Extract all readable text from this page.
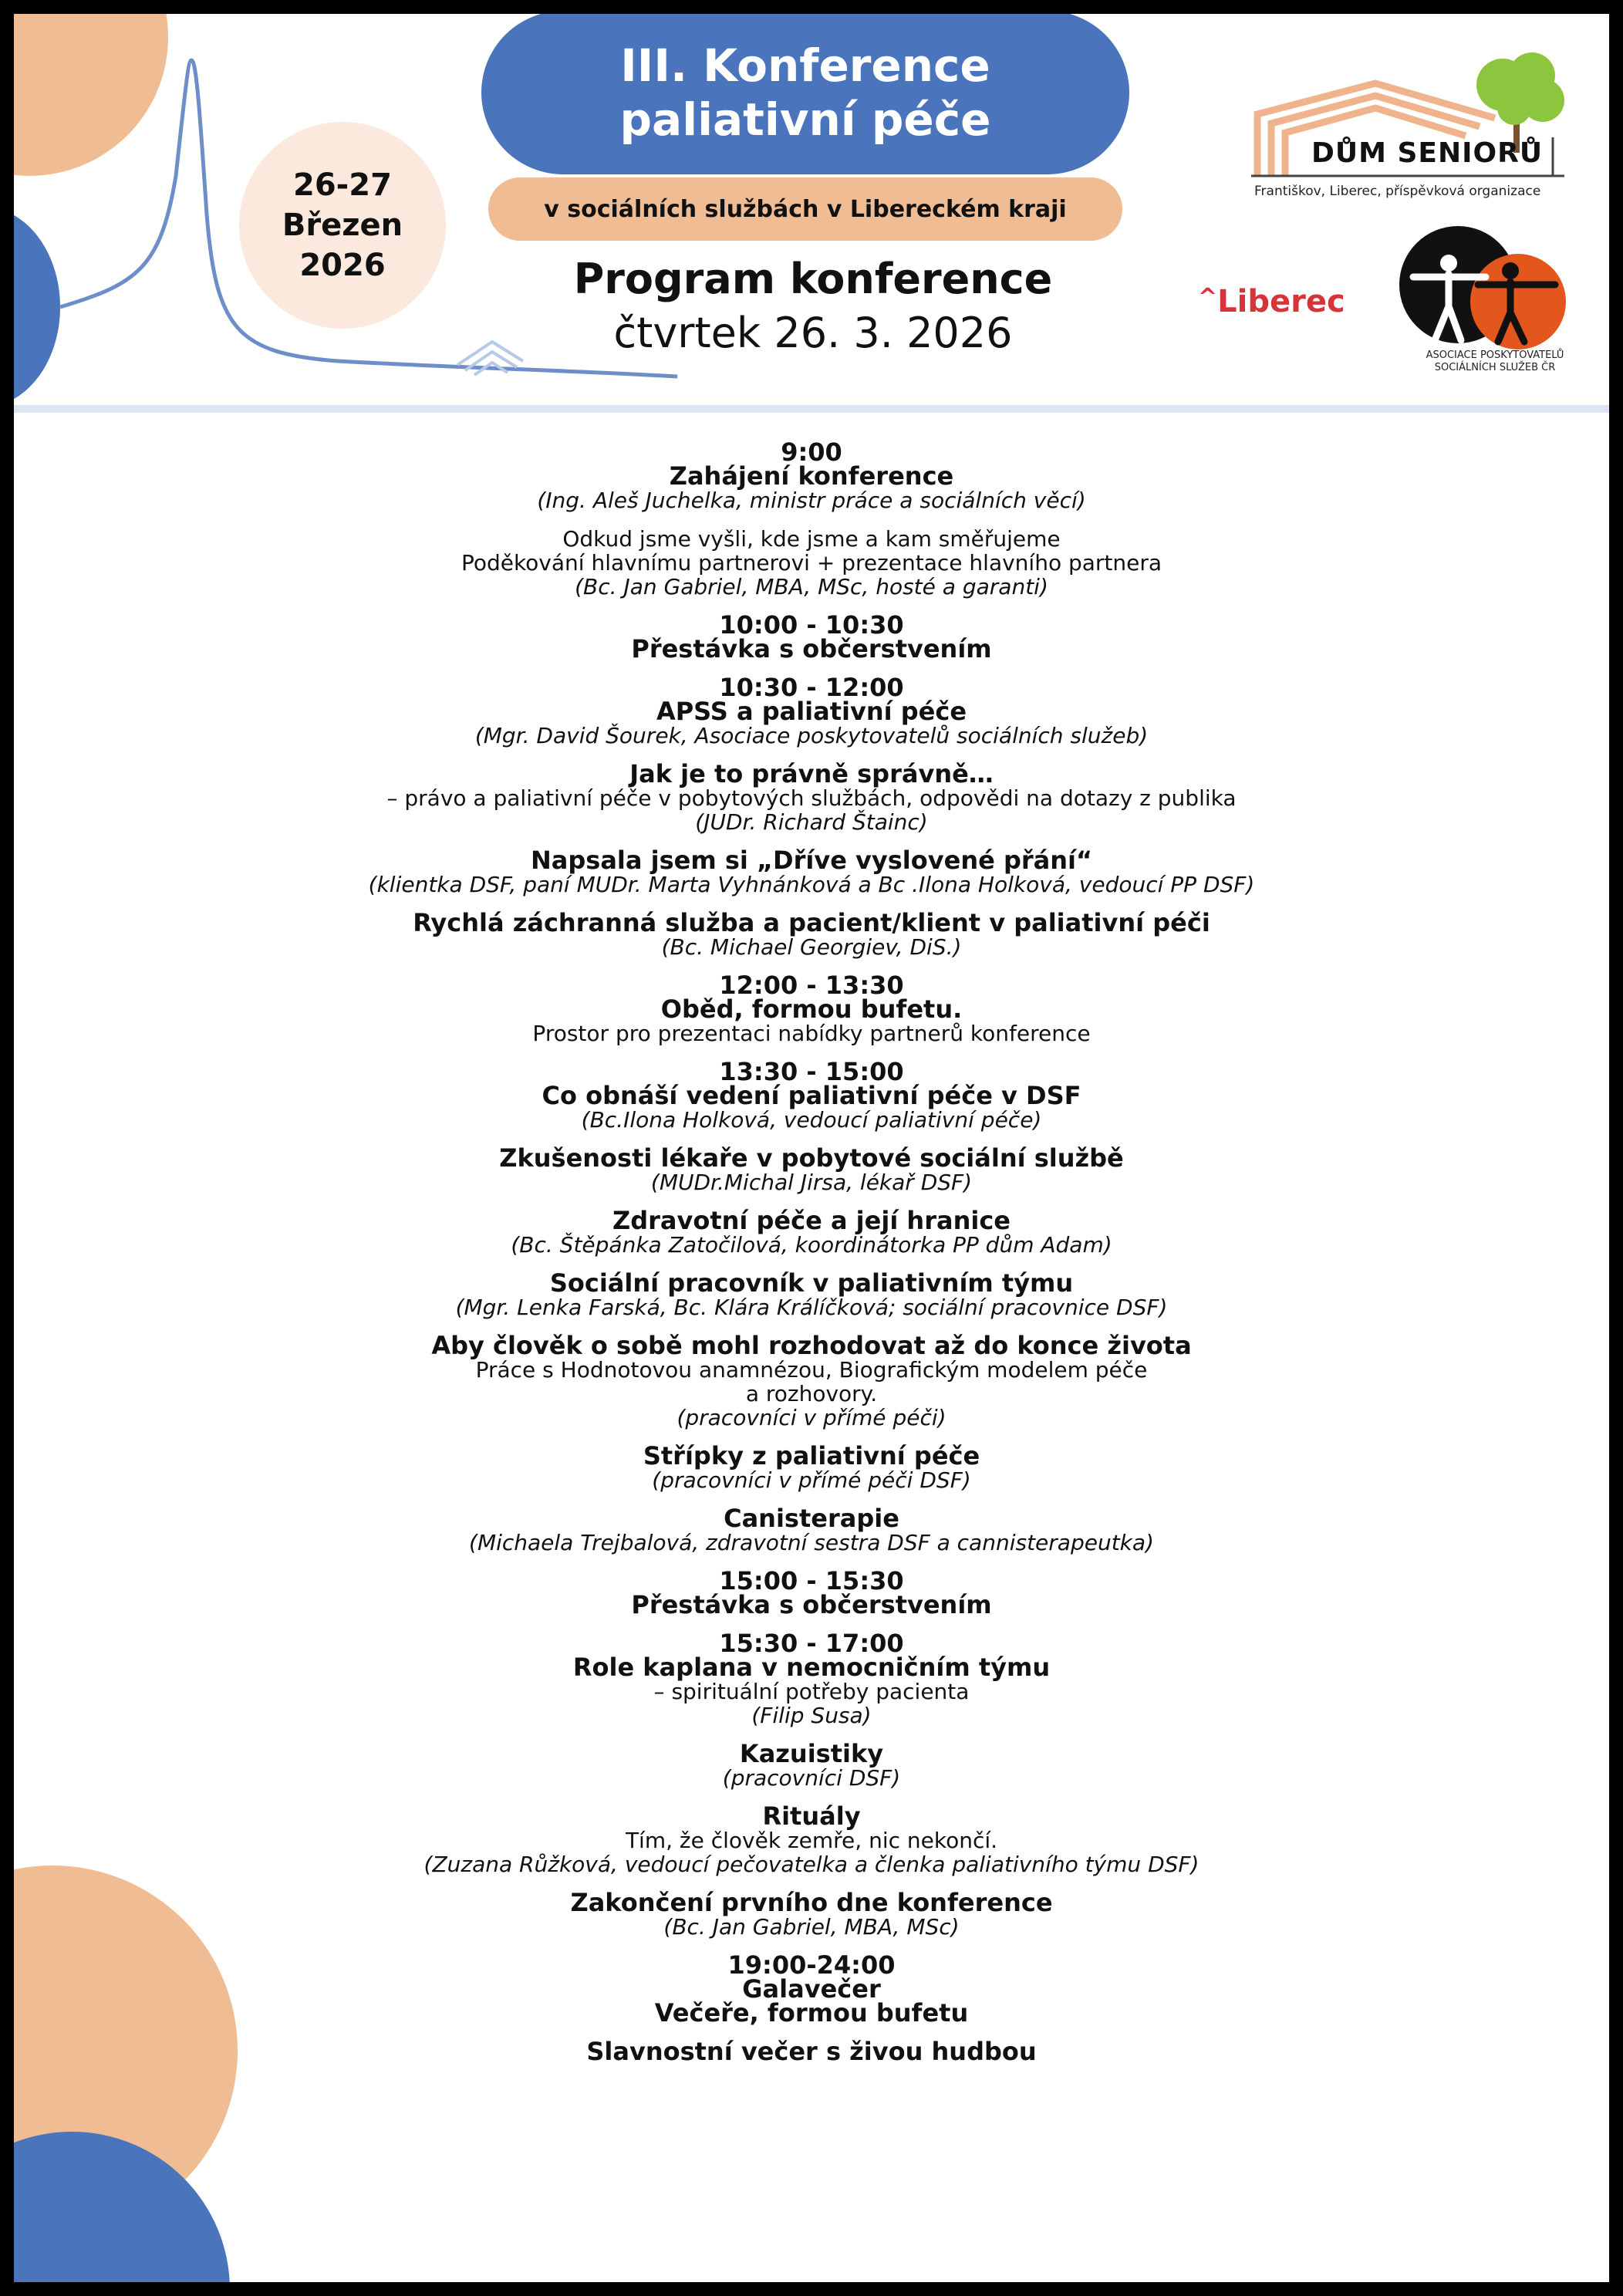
26-27
Březen
2026
III. Konference
paliativní péče
v sociálních službách v Libereckém kraji
Program konference
čtvrtek 26. 3. 2026
DŮM SENIORŮ
Františkov, Liberec, příspěvková organizace
^Liberec
ASOCIACE POSKYTOVATELŮ
SOCIÁLNÍCH SLUŽEB ČR
9:00
Zahájení konference
(Ing. Aleš Juchelka, ministr práce a sociálních věcí)
Odkud jsme vyšli, kde jsme a kam směřujeme
Poděkování hlavnímu partnerovi + prezentace hlavního partnera
(Bc. Jan Gabriel, MBA, MSc, hosté a garanti)
10:00 - 10:30
Přestávka s občerstvením
10:30 - 12:00
APSS a paliativní péče
(Mgr. David Šourek, Asociace poskytovatelů sociálních služeb)
Jak je to právně správně…
– právo a paliativní péče v pobytových službách, odpovědi na dotazy z publika
(JUDr. Richard Štainc)
Napsala jsem si „Dříve vyslovené přání“
(klientka DSF, paní MUDr. Marta Vyhnánková a Bc .Ilona Holková, vedoucí PP DSF)
Rychlá záchranná služba a pacient/klient v paliativní péči
(Bc. Michael Georgiev, DiS.)
12:00 - 13:30
Oběd, formou bufetu.
Prostor pro prezentaci nabídky partnerů konference
13:30 - 15:00
Co obnáší vedení paliativní péče v DSF
(Bc.Ilona Holková, vedoucí paliativní péče)
Zkušenosti lékaře v pobytové sociální službě
(MUDr.Michal Jirsa, lékař DSF)
Zdravotní péče a její hranice
(Bc. Štěpánka Zatočilová, koordinátorka PP dům Adam)
Sociální pracovník v paliativním týmu
(Mgr. Lenka Farská, Bc. Klára Králíčková; sociální pracovnice DSF)
Aby člověk o sobě mohl rozhodovat až do konce života
Práce s Hodnotovou anamnézou, Biografickým modelem péče
a rozhovory.
(pracovníci v přímé péči)
Střípky z paliativní péče
(pracovníci v přímé péči DSF)
Canisterapie
(Michaela Trejbalová, zdravotní sestra DSF a cannisterapeutka)
15:00 - 15:30
Přestávka s občerstvením
15:30 - 17:00
Role kaplana v nemocničním týmu
– spirituální potřeby pacienta
(Filip Susa)
Kazuistiky
(pracovníci DSF)
Rituály
Tím, že člověk zemře, nic nekončí.
(Zuzana Růžková, vedoucí pečovatelka a členka paliativního týmu DSF)
Zakončení prvního dne konference
(Bc. Jan Gabriel, MBA, MSc)
19:00-24:00
Galavečer
Večeře, formou bufetu
Slavnostní večer s živou hudbou
